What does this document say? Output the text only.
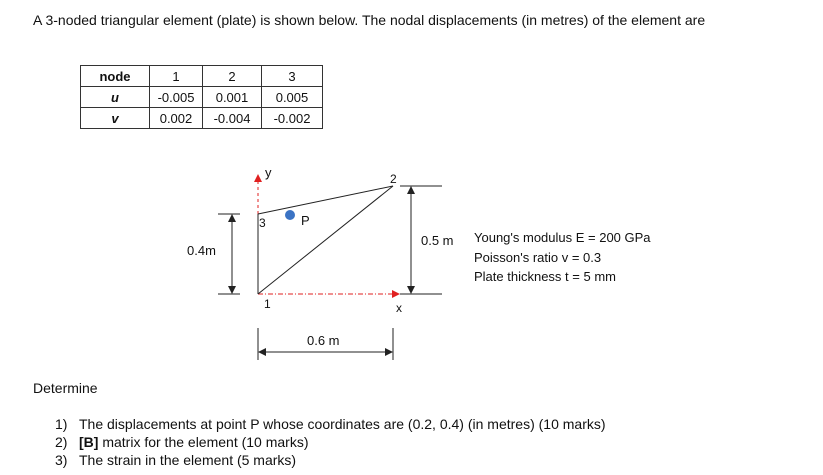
A 3-noded triangular element (plate) is shown below. The nodal displacements (in metres) of the element are
node	1	2	3
u	-0.005	0.001	0.005
v	0.002	-0.004	-0.002
y
x
1
2
3	P
0.4m
0.5 m
0.6 m
Young's modulus E = 200 GPa
Poisson's ratio v = 0.3
Plate thickness t = 5 mm
Determine
1) The displacements at point P whose coordinates are (0.2, 0.4) (in metres) (10 marks)
2) [B] matrix for the element (10 marks)
3) The strain in the element (5 marks)
